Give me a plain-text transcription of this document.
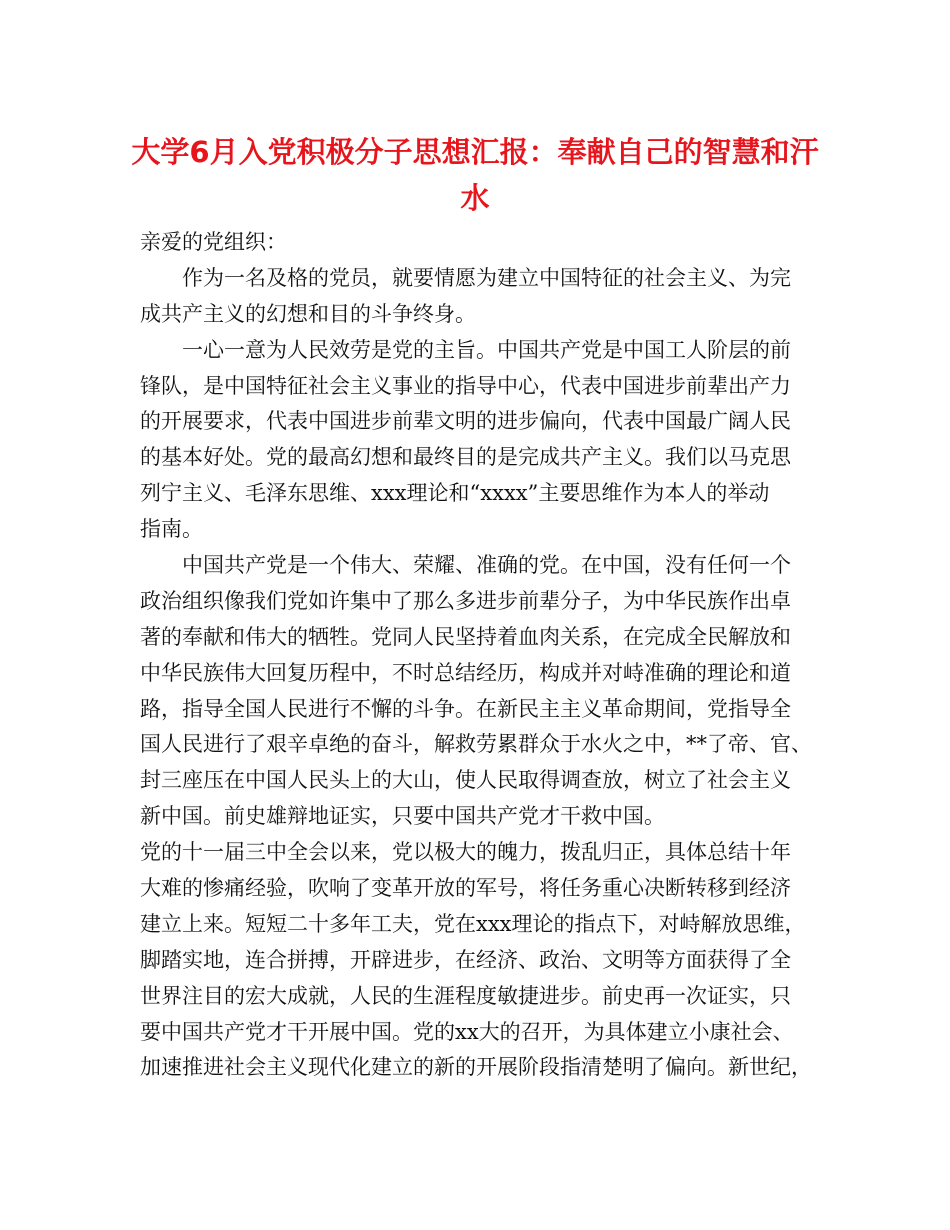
大学6月入党积极分子思想汇报：奉献自己的智慧和汗
水

亲爱的党组织：

作为一名及格的党员，就要情愿为建立中国特征的社会主义、为完

成共产主义的幻想和目的斗争终身。

一心一意为人民效劳是党的主旨。中国共产党是中国工人阶层的前

锋队，是中国特征社会主义事业的指导中心，代表中国进步前辈出产力

的开展要求，代表中国进步前辈文明的进步偏向，代表中国最广阔人民

的基本好处。党的最高幻想和最终目的是完成共产主义。我们以马克思

列宁主义、毛泽东思维、xxx理论和“xxxx”主要思维作为本人的举动

指南。

中国共产党是一个伟大、荣耀、准确的党。在中国，没有任何一个

政治组织像我们党如许集中了那么多进步前辈分子，为中华民族作出卓

著的奉献和伟大的牺牲。党同人民坚持着血肉关系，在完成全民解放和

中华民族伟大回复历程中，不时总结经历，构成并对峙准确的理论和道

路，指导全国人民进行不懈的斗争。在新民主主义革命期间，党指导全

国人民进行了艰辛卓绝的奋斗，解救劳累群众于水火之中，**了帝、官、

封三座压在中国人民头上的大山，使人民取得调查放，树立了社会主义

新中国。前史雄辩地证实，只要中国共产党才干救中国。

党的十一届三中全会以来，党以极大的魄力，拨乱归正，具体总结十年

大难的惨痛经验，吹响了变革开放的军号，将任务重心决断转移到经济

建立上来。短短二十多年工夫，党在xxx理论的指点下，对峙解放思维，

脚踏实地，连合拼搏，开辟进步，在经济、政治、文明等方面获得了全

世界注目的宏大成就，人民的生涯程度敏捷进步。前史再一次证实，只

要中国共产党才干开展中国。党的xx大的召开，为具体建立小康社会、

加速推进社会主义现代化建立的新的开展阶段指清楚明了偏向。新世纪，
